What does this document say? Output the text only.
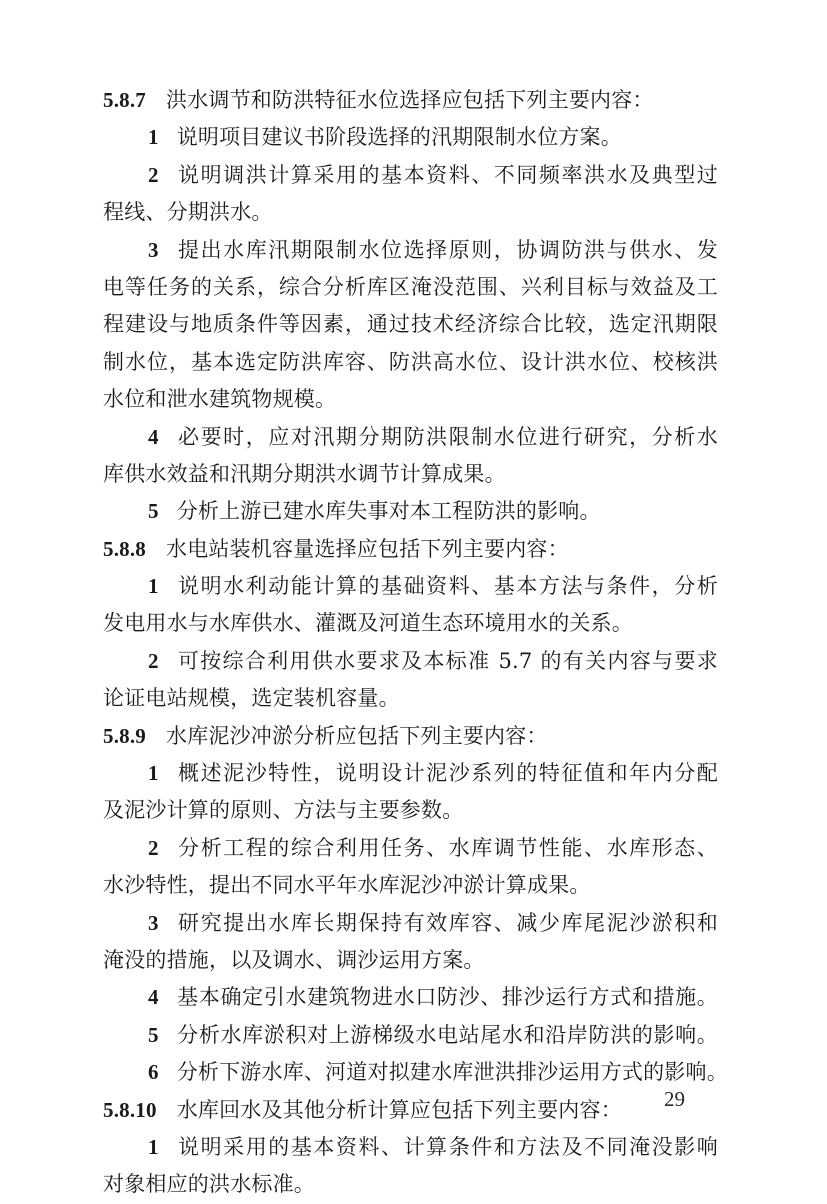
5.8.7 洪水调节和防洪特征水位选择应包括下列主要内容：
1 说明项目建议书阶段选择的汛期限制水位方案。
2 说明调洪计算采用的基本资料、不同频率洪水及典型过
程线、分期洪水。
3 提出水库汛期限制水位选择原则，协调防洪与供水、发
电等任务的关系，综合分析库区淹没范围、兴利目标与效益及工
程建设与地质条件等因素，通过技术经济综合比较，选定汛期限
制水位，基本选定防洪库容、防洪高水位、设计洪水位、校核洪
水位和泄水建筑物规模。
4 必要时，应对汛期分期防洪限制水位进行研究，分析水
库供水效益和汛期分期洪水调节计算成果。
5 分析上游已建水库失事对本工程防洪的影响。
5.8.8 水电站装机容量选择应包括下列主要内容：
1 说明水利动能计算的基础资料、基本方法与条件，分析
发电用水与水库供水、灌溉及河道生态环境用水的关系。
2 可按综合利用供水要求及本标准 5.7 的有关内容与要求
论证电站规模，选定装机容量。
5.8.9 水库泥沙冲淤分析应包括下列主要内容：
1 概述泥沙特性，说明设计泥沙系列的特征值和年内分配
及泥沙计算的原则、方法与主要参数。
2 分析工程的综合利用任务、水库调节性能、水库形态、
水沙特性，提出不同水平年水库泥沙冲淤计算成果。
3 研究提出水库长期保持有效库容、减少库尾泥沙淤积和
淹没的措施，以及调水、调沙运用方案。
4 基本确定引水建筑物进水口防沙、排沙运行方式和措施。
5 分析水库淤积对上游梯级水电站尾水和沿岸防洪的影响。
6 分析下游水库、河道对拟建水库泄洪排沙运用方式的影响。
5.8.10 水库回水及其他分析计算应包括下列主要内容：
1 说明采用的基本资料、计算条件和方法及不同淹没影响
对象相应的洪水标准。
29
